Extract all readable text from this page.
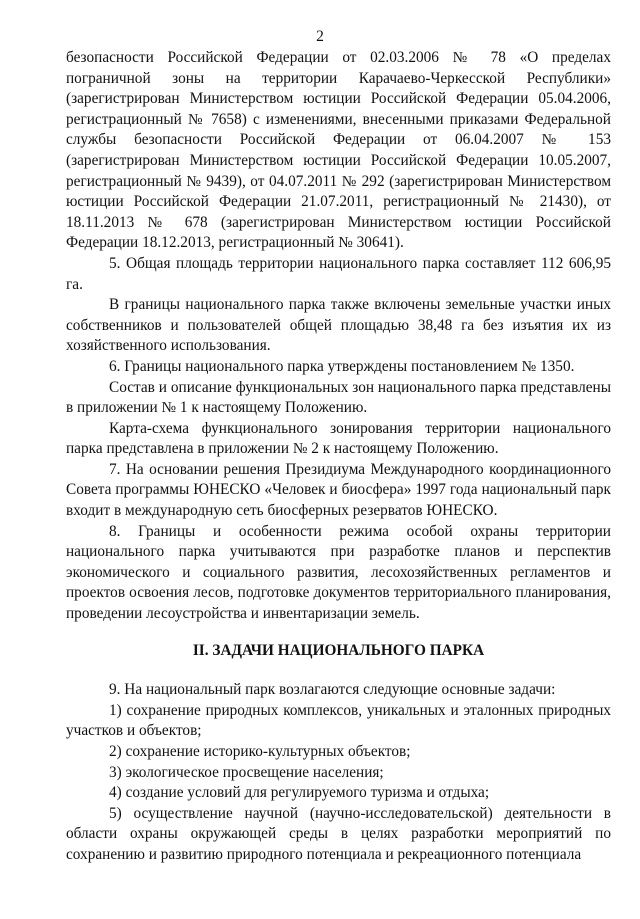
2

безопасности Российской Федерации от 02.03.2006 № 78 «О пределах пограничной зоны на территории Карачаево-Черкесской Республики» (зарегистрирован Министерством юстиции Российской Федерации 05.04.2006, регистрационный № 7658) с изменениями, внесенными приказами Федеральной службы безопасности Российской Федерации от 06.04.2007 № 153 (зарегистрирован Министерством юстиции Российской Федерации 10.05.2007, регистрационный № 9439), от 04.07.2011 № 292 (зарегистрирован Министерством юстиции Российской Федерации 21.07.2011, регистрационный № 21430), от 18.11.2013 № 678 (зарегистрирован Министерством юстиции Российской Федерации 18.12.2013, регистрационный № 30641).

5. Общая площадь территории национального парка составляет 112 606,95 га.

В границы национального парка также включены земельные участки иных собственников и пользователей общей площадью 38,48 га без изъятия их из хозяйственного использования.

6. Границы национального парка утверждены постановлением № 1350.

Состав и описание функциональных зон национального парка представлены в приложении № 1 к настоящему Положению.

Карта-схема функционального зонирования территории национального парка представлена в приложении № 2 к настоящему Положению.

7. На основании решения Президиума Международного координационного Совета программы ЮНЕСКО «Человек и биосфера» 1997 года национальный парк входит в международную сеть биосферных резерватов ЮНЕСКО.

8. Границы и особенности режима особой охраны территории национального парка учитываются при разработке планов и перспектив экономического и социального развития, лесохозяйственных регламентов и проектов освоения лесов, подготовке документов территориального планирования, проведении лесоустройства и инвентаризации земель.

II. ЗАДАЧИ НАЦИОНАЛЬНОГО ПАРКА

9. На национальный парк возлагаются следующие основные задачи:

1) сохранение природных комплексов, уникальных и эталонных природных участков и объектов;

2) сохранение историко-культурных объектов;

3) экологическое просвещение населения;

4) создание условий для регулируемого туризма и отдыха;

5) осуществление научной (научно-исследовательской) деятельности в области охраны окружающей среды в целях разработки мероприятий по сохранению и развитию природного потенциала и рекреационного потенциала
